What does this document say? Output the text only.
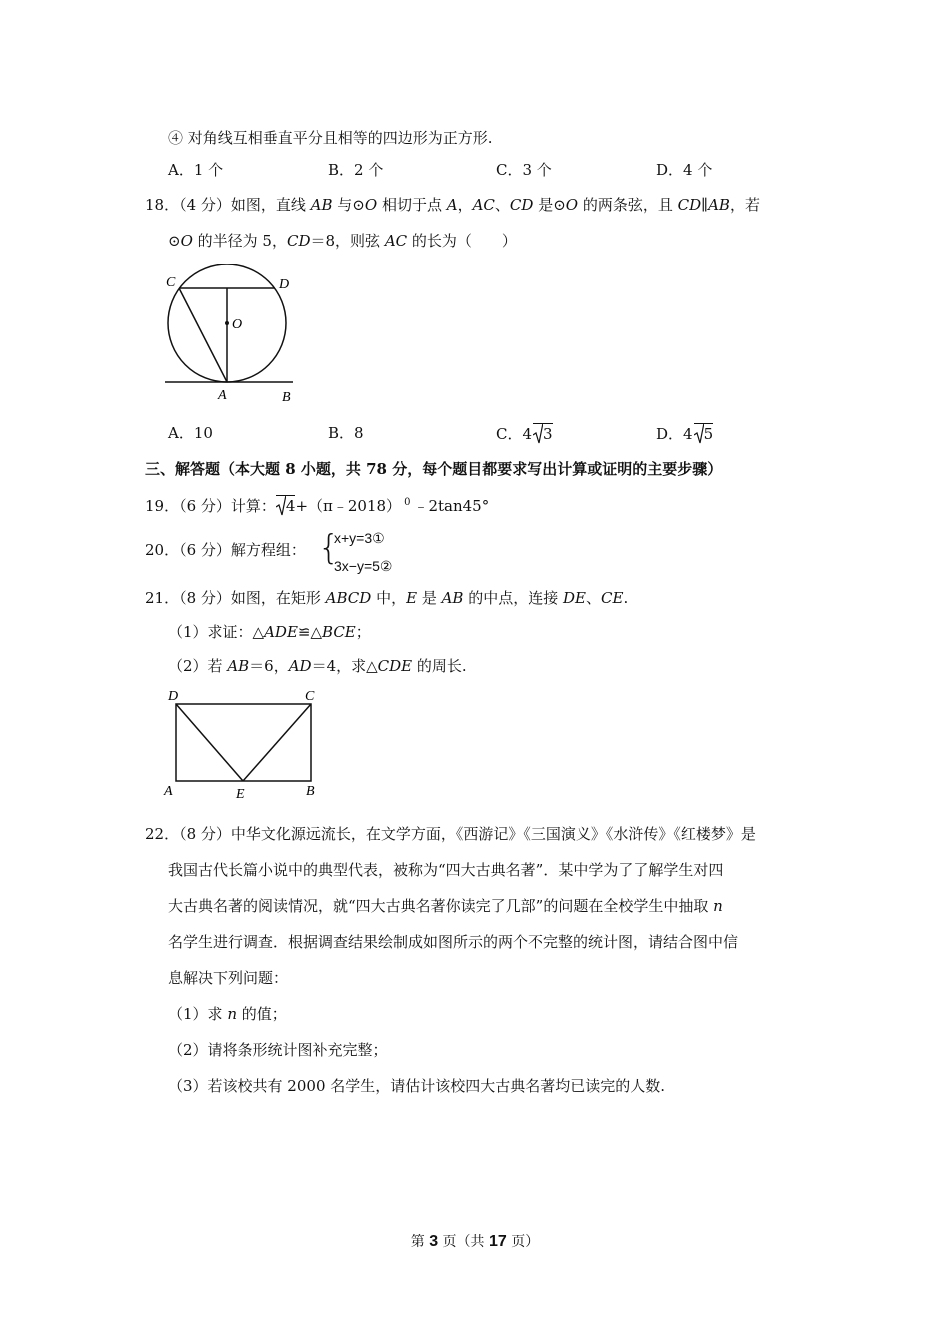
④ 对角线互相垂直平分且相等的四边形为正方形.
A．1 个	B．2 个	C．3 个	D．4 个
18．（4 分）如图，直线 AB 与⊙O 相切于点 A，AC、CD 是⊙O 的两条弦，且 CD∥AB，若
⊙O 的半径为 5，CD＝8，则弦 AC 的长为（　　）
C	D
O
A	B
A．10	B．8	C．4 3	D．4 5
三、解答题（本大题 8 小题，共 78 分，每个题目都要求写出计算或证明的主要步骤）
19．（6 分）计算： 4+（π﹣2018） $^0$ ﹣2tan45°
20．（6 分）解方程组： {
x+y=3①
3x−y=5②
21．（8 分）如图，在矩形 ABCD 中，E 是 AB 的中点，连接 DE、CE.
（1）求证：△ADE≌△BCE；
（2）若 AB＝6，AD＝4，求△CDE 的周长.
D	C
A	E	B
22．（8 分）中华文化源远流长，在文学方面，《西游记》《三国演义》《水浒传》《红楼梦》是
我国古代长篇小说中的典型代表，被称为“四大古典名著”．某中学为了了解学生对四
大古典名著的阅读情况，就“四大古典名著你读完了几部”的问题在全校学生中抽取 n
名学生进行调查．根据调查结果绘制成如图所示的两个不完整的统计图，请结合图中信
息解决下列问题：
（1）求 n 的值；
（2）请将条形统计图补充完整；
（3）若该校共有 2000 名学生，请估计该校四大古典名著均已读完的人数.
第 3 页（共 17 页）
